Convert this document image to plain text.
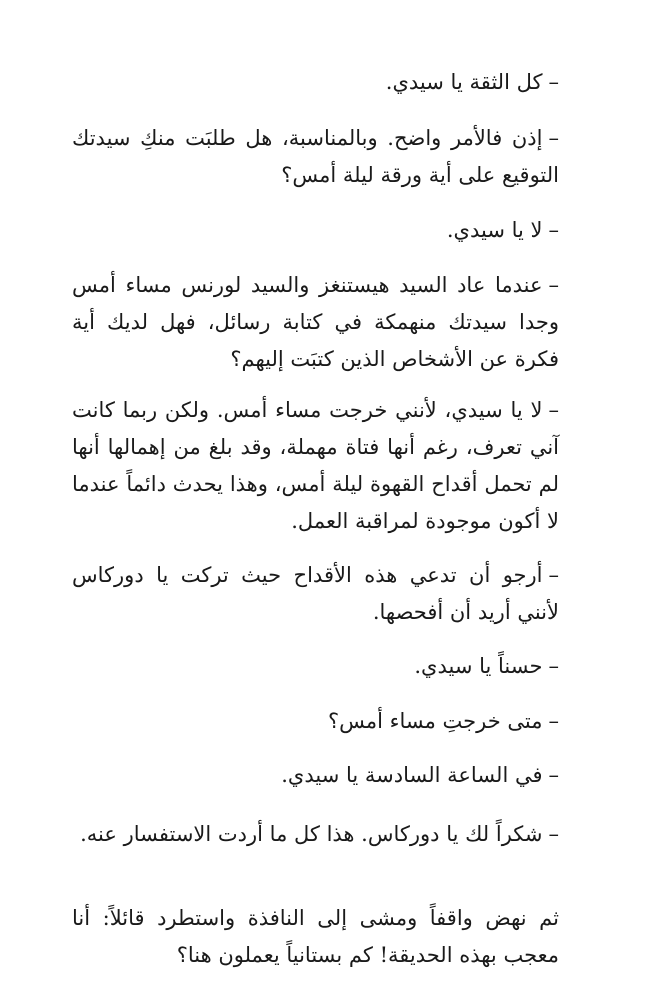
–كل الثقة يا سيدي.

–إذن فالأمر واضح. وبالمناسبة، هل طلبَت منكِ سيدتك التوقيع على أية ورقة ليلة أمس؟

–لا يا سيدي.

–عندما عاد السيد هيستنغز والسيد لورنس مساء أمس وجدا سيدتك منهمكة في كتابة رسائل، فهل لديك أية فكرة عن الأشخاص الذين كتبَت إليهم؟

–لا يا سيدي، لأنني خرجت مساء أمس. ولكن ربما كانت آني تعرف، رغم أنها فتاة مهملة، وقد بلغ من إهمالها أنها لم تحمل أقداح القهوة ليلة أمس، وهذا يحدث دائماً عندما لا أكون موجودة لمراقبة العمل.

–أرجو أن تدعي هذه الأقداح حيث تركت يا دوركاس لأنني أريد أن أفحصها.

–حسناً يا سيدي.

–متى خرجتِ مساء أمس؟

–في الساعة السادسة يا سيدي.

–شكراً لك يا دوركاس. هذا كل ما أردت الاستفسار عنه.

ثم نهض واقفاً ومشى إلى النافذة واستطرد قائلاً: أنا معجب بهذه الحديقة! كم بستانياً يعملون هنا؟
